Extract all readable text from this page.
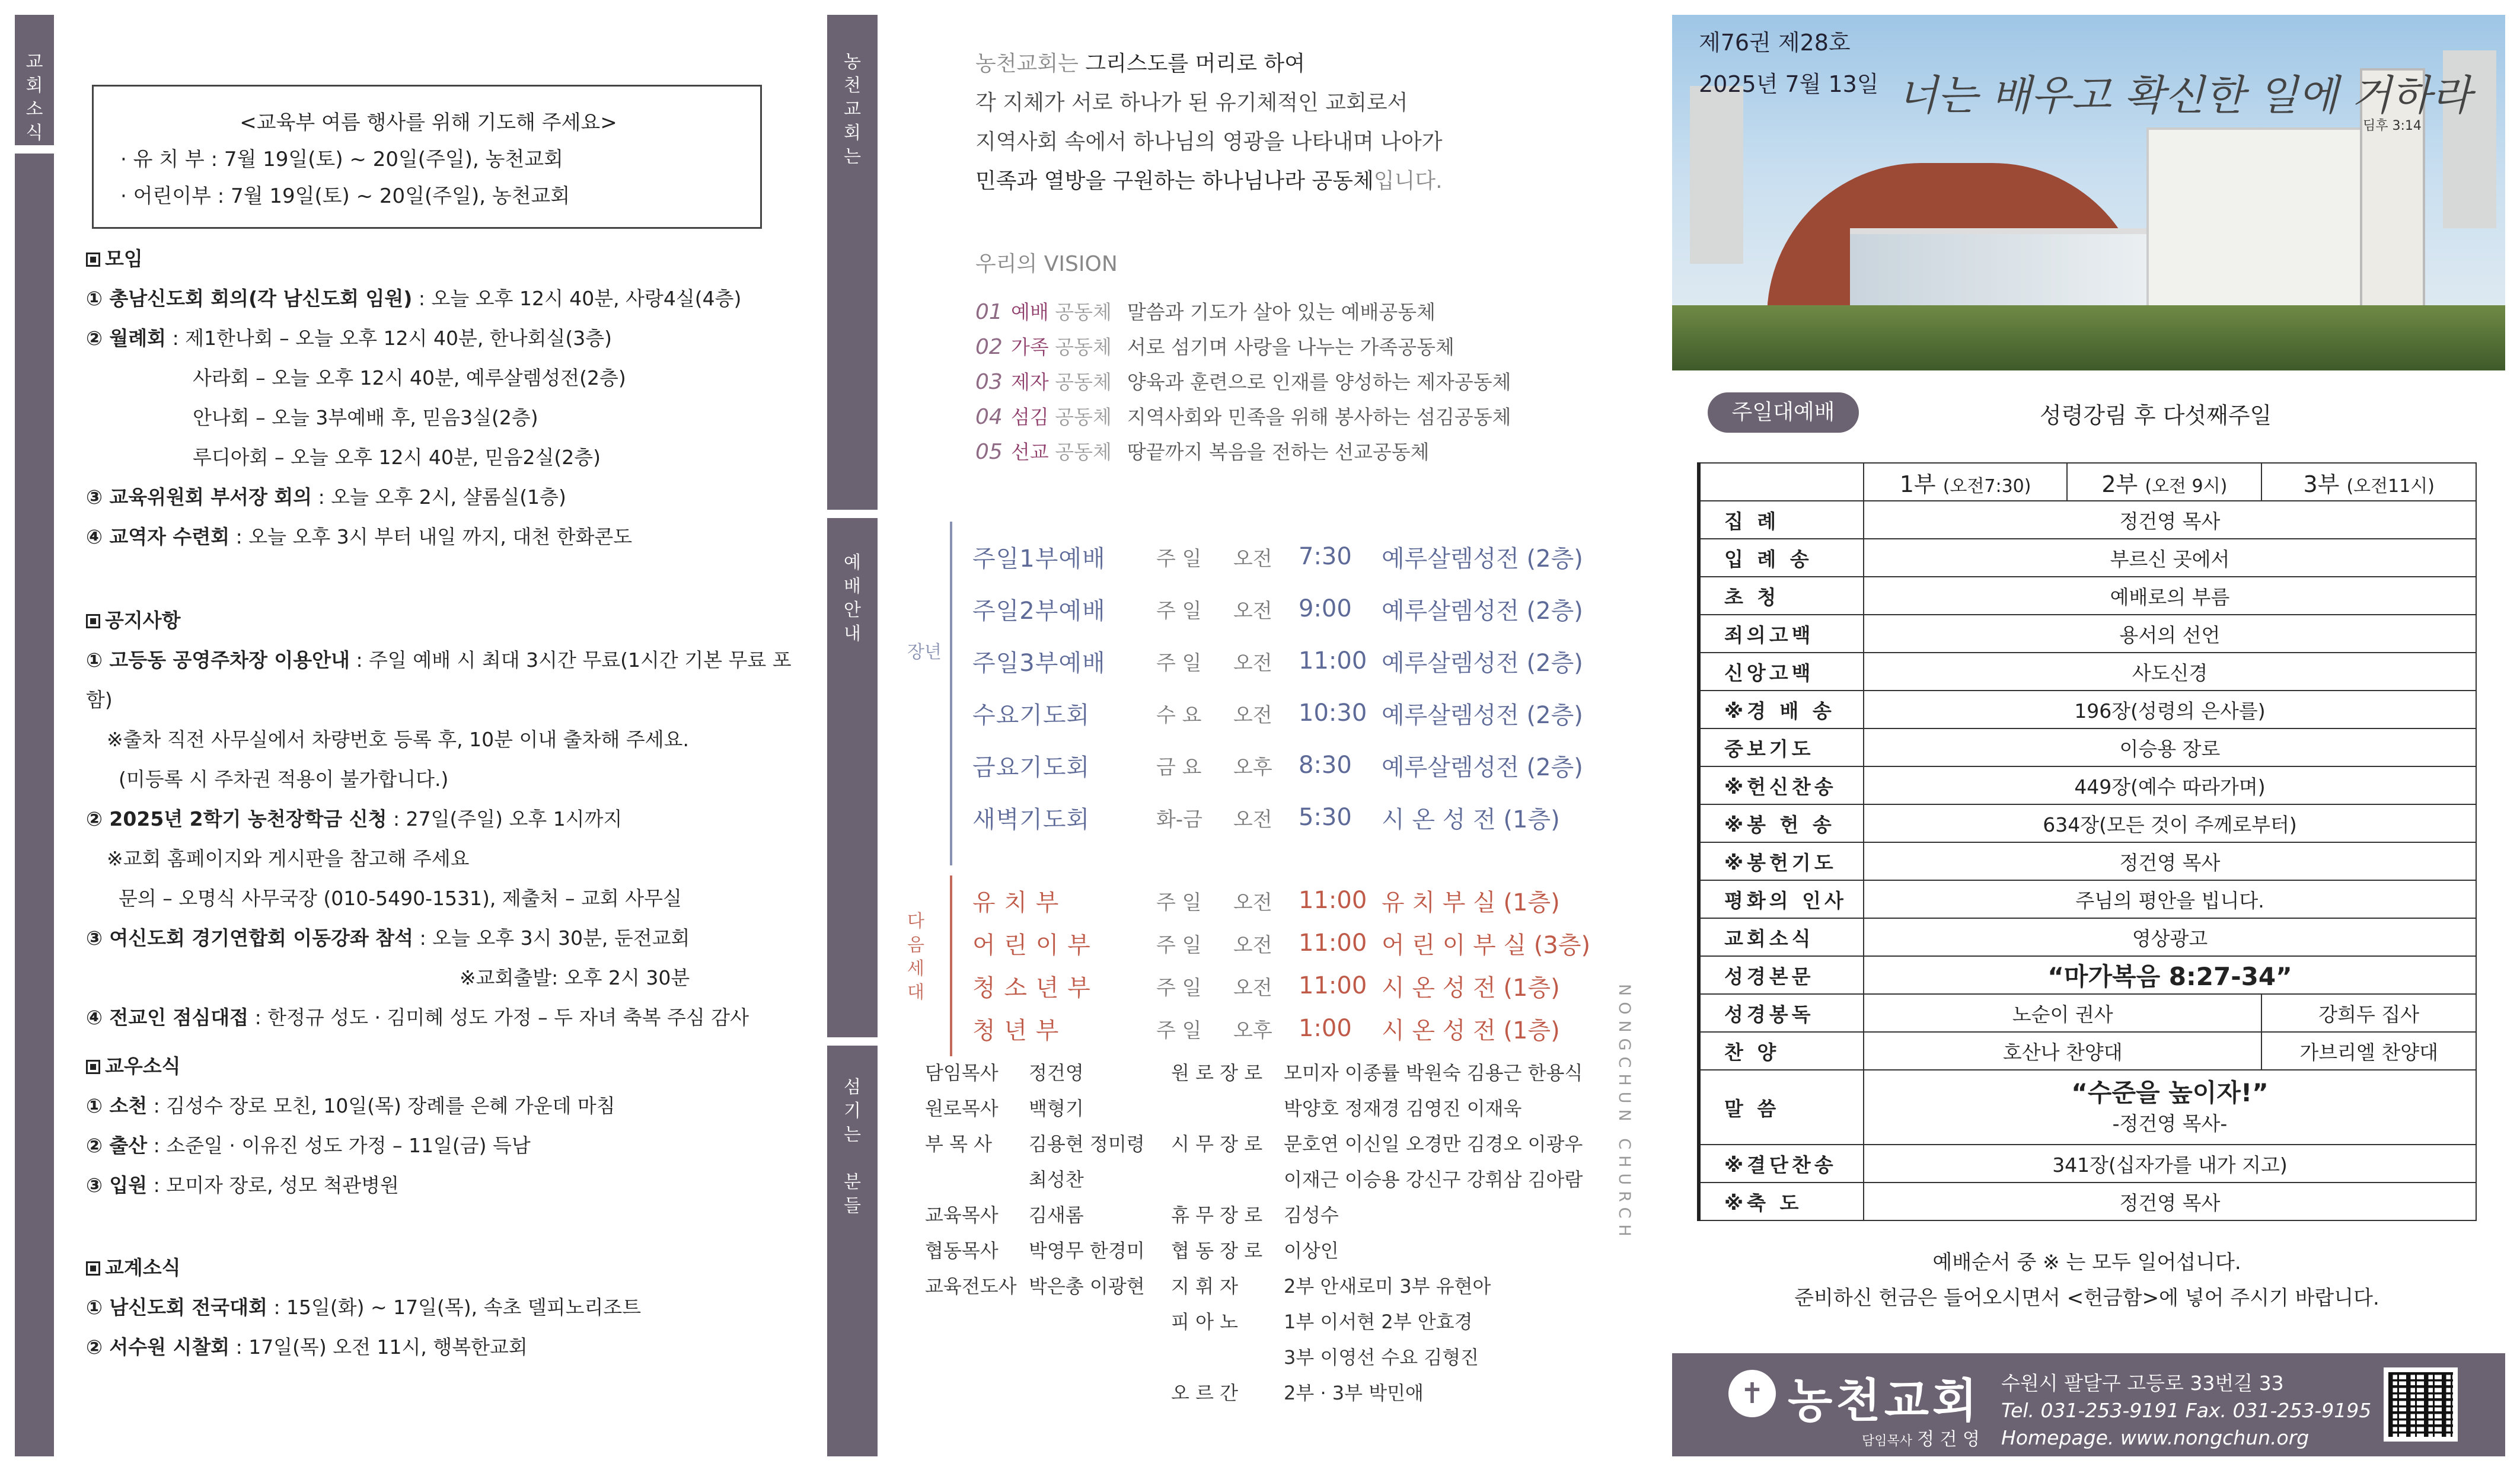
교
회
소
식	<교육부 여름 행사를 위해 기도해 주세요>
· 유 치 부 : 7월 19일(토) ~ 20일(주일), 농천교회
· 어린이부 : 7월 19일(토) ~ 20일(주일), 농천교회
모임
① 총남신도회 회의(각 남신도회 임원) : 오늘 오후 12시 40분, 사랑4실(4층)
② 월례회 : 제1한나회 – 오늘 오후 12시 40분, 한나회실(3층)
사라회 – 오늘 오후 12시 40분, 예루살렘성전(2층)
안나회 – 오늘 3부예배 후, 믿음3실(2층)
루디아회 – 오늘 오후 12시 40분, 믿음2실(2층)
③ 교육위원회 부서장 회의 : 오늘 오후 2시, 샬롬실(1층)
④ 교역자 수련회 : 오늘 오후 3시 부터 내일 까지, 대천 한화콘도
공지사항
① 고등동 공영주차장 이용안내 : 주일 예배 시 최대 3시간 무료(1시간 기본 무료 포함)
※출차 직전 사무실에서 차량번호 등록 후, 10분 이내 출차해 주세요.
(미등록 시 주차권 적용이 불가합니다.)
② 2025년 2학기 농천장학금 신청 : 27일(주일) 오후 1시까지
※교회 홈페이지와 게시판을 참고해 주세요
문의 – 오명식 사무국장 (010-5490-1531), 제출처 – 교회 사무실
③ 여신도회 경기연합회 이동강좌 참석 : 오늘 오후 3시 30분, 둔전교회
※교회출발: 오후 2시 30분
④ 전교인 점심대접 : 한정규 성도 · 김미혜 성도 가정 – 두 자녀 축복 주심 감사
교우소식
① 소천 : 김성수 장로 모친, 10일(목) 장례를 은혜 가운데 마침
② 출산 : 소준일 · 이유진 성도 가정 – 11일(금) 득남
③ 입원 : 모미자 장로, 성모 척관병원
교계소식
① 남신도회 전국대회 : 15일(화) ~ 17일(목), 속초 델피노리조트
② 서수원 시찰회 : 17일(목) 오전 11시, 행복한교회
농
천
교
회
는
예
배
안
내
섬
기
는

분
들
농천교회는 그리스도를 머리로 하여
각 지체가 서로 하나가 된 유기체적인 교회로서
지역사회 속에서 하나님의 영광을 나타내며 나아가
민족과 열방을 구원하는 하나님나라 공동체입니다.
우리의 VISION
01 예배 공동체 말씀과 기도가 살아 있는 예배공동체
02 가족 공동체 서로 섬기며 사랑을 나누는 가족공동체
03 제자 공동체 양육과 훈련으로 인재를 양성하는 제자공동체
04 섬김 공동체 지역사회와 민족을 위해 봉사하는 섬김공동체
05 선교 공동체 땅끝까지 복음을 전하는 선교공동체
장년
주일1부예배	주 일	오전	7:30	예루살렘성전 (2층)
주일2부예배	주 일	오전	9:00	예루살렘성전 (2층)
주일3부예배	주 일	오전	11:00 예루살렘성전 (2층)
수요기도회	수 요	오전	10:30 예루살렘성전 (2층)
금요기도회	금 요	오후	8:30	예루살렘성전 (2층)
새벽기도회	화-금	오전	5:30	시 온 성 전 (1층)
다음세대
유 치 부	주 일	오전	11:00 유 치 부 실 (1층)
어 린 이 부	주 일	오전	11:00 어 린 이 부 실 (3층)
청 소 년 부	주 일	오전	11:00 시 온 성 전 (1층)
청 년 부	주 일	오후	1:00	시 온 성 전 (1층)
담임목사	정건영	원 로 장 로	모미자 이종률 박원숙 김용근 한용식
원로목사	백형기	박양호 정재경 김영진 이재욱
부 목 사	김용현 정미령	시 무 장 로	문호연 이신일 오경만 김경오 이광우
최성찬	이재근 이승용 강신구 강휘삼 김아람
교육목사	김새롬	휴 무 장 로	김성수
협동목사	박영무 한경미	협 동 장 로	이상인
교육전도사 박은총 이광현	지 휘 자	2부 안새로미 3부 유현아
피 아 노	1부 이서현 2부 안효경
3부 이영선 수요 김형진
오 르 간	2부 · 3부 박민애
NONGCHUN CHURCH
제76권 제28호
2025년 7월 13일 너는 배우고 확신한 일에 거하라
딤후 3:14
주일대예배	성령강림 후 다섯째주일
	1부 (오전7:30)	2부 (오전 9시)	3부 (오전11시)
집 례	정건영 목사		
입 례 송	부르신 곳에서		
초 청	예배로의 부름		
죄의고백	용서의 선언		
신앙고백	사도신경		
※경 배 송	196장(성령의 은사를)		
중보기도	이승용 장로		
※헌신찬송	449장(예수 따라가며)		
※봉 헌 송	634장(모든 것이 주께로부터)		
※봉헌기도	정건영 목사		
평화의 인사	주님의 평안을 빕니다.		
교회소식	영상광고		
성경본문	“마가복음 8:27-34”		
성경봉독	노순이 권사		강희두 집사
찬 양	호산나 찬양대		가브리엘 찬양대
말 씀	“수준을 높이자!”
-정건영 목사-		

※결단찬송	341장(십자가를 내가 지고)		
※축 도	정건영 목사		
예배순서 중 ※ 는 모두 일어섭니다.
준비하신 헌금은 들어오시면서 <헌금함>에 넣어 주시기 바랍니다.
✝ 농천교회
담임목사 정 건 영
수원시 팔달구 고등로 33번길 33
Tel. 031-253-9191 Fax. 031-253-9195
Homepage. www.nongchun.org
